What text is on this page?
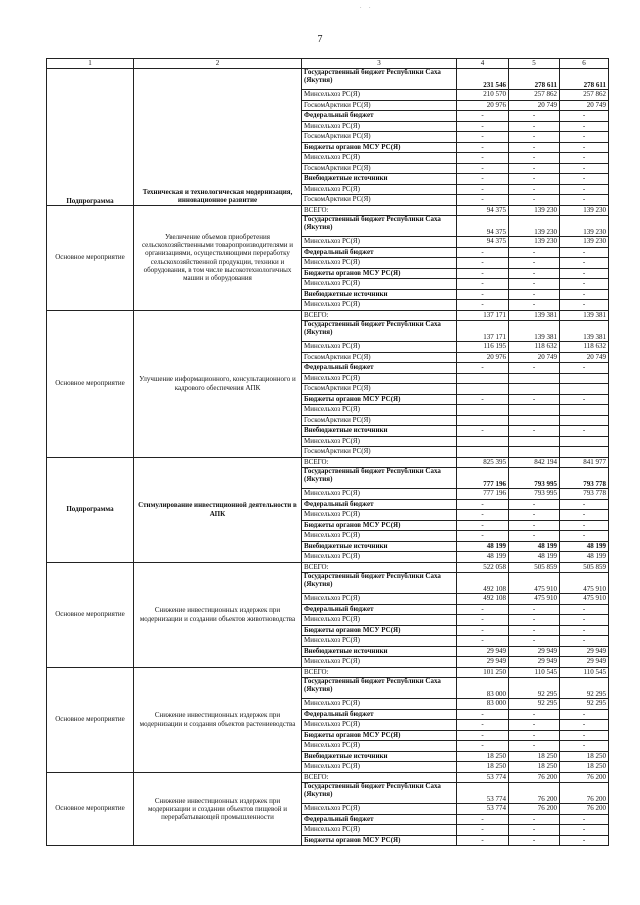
. .
7
1	2	3	4	5	6
Подпрограмма	Техническая и технологическая модернизация, инновационное развитие	Государственный бюджет Республики Саха (Якутия)	231 546	278 611	278 611
		Минсельхоз РС(Я)	210 570	257 862	257 862
		ГоскомАрктики РС(Я)	20 976	20 749	20 749
		Федеральный бюджет	-	-	-
		Минсельхоз РС(Я)	-	-	-
		ГоскомАрктики РС(Я)	-	-	-
		Бюджеты органов МСУ РС(Я)	-	-	-
		Минсельхоз РС(Я)	-	-	-
		ГоскомАрктики РС(Я)	-	-	-
		Внебюджетные источники	-	-	-
		Минсельхоз РС(Я)	-	-	-
		ГоскомАрктики РС(Я)	-	-	-
Основное мероприятие	Увеличение объемов приобретения сельскохозяйственными товаропроизводителями и организациями, осуществляющими переработку сельскохозяйственной продукции, техники и оборудования, в том числе высокотехнологичных машин и оборудования	ВСЕГО:	94 375	139 230	139 230
		Государственный бюджет Республики Саха (Якутия)	94 375	139 230	139 230
		Минсельхоз РС(Я)	94 375	139 230	139 230
		Федеральный бюджет	-	-	-
		Минсельхоз РС(Я)	-	-	-
		Бюджеты органов МСУ РС(Я)	-	-	-
		Минсельхоз РС(Я)	-	-	-
		Внебюджетные источники	-	-	-
		Минсельхоз РС(Я)	-	-	-
Основное мероприятие	Улучшение информационного, консультационного и кадрового обеспечения АПК	ВСЕГО:	137 171	139 381	139 381
		Государственный бюджет Республики Саха (Якутия)	137 171	139 381	139 381
		Минсельхоз РС(Я)	116 195	118 632	118 632
		ГоскомАрктики РС(Я)	20 976	20 749	20 749
		Федеральный бюджет	-	-	-
		Минсельхоз РС(Я)			
		ГоскомАрктики РС(Я)			
		Бюджеты органов МСУ РС(Я)	-	-	-
		Минсельхоз РС(Я)			
		ГоскомАрктики РС(Я)			
		Внебюджетные источники	-	-	-
		Минсельхоз РС(Я)			
		ГоскомАрктики РС(Я)			
Подпрограмма	Стимулирование инвестиционной деятельности в АПК	ВСЕГО:	825 395	842 194	841 977
		Государственный бюджет Республики Саха (Якутия)	777 196	793 995	793 778
		Минсельхоз РС(Я)	777 196	793 995	793 778
		Федеральный бюджет	-	-	-
		Минсельхоз РС(Я)	-	-	-
		Бюджеты органов МСУ РС(Я)	-	-	-
		Минсельхоз РС(Я)	-	-	-
		Внебюджетные источники	48 199	48 199	48 199
		Минсельхоз РС(Я)	48 199	48 199	48 199
Основное мероприятие	Снижение инвестиционных издержек при модернизации и создании объектов животноводства	ВСЕГО:	522 058	505 859	505 859
		Государственный бюджет Республики Саха (Якутия)	492 108	475 910	475 910
		Минсельхоз РС(Я)	492 108	475 910	475 910
		Федеральный бюджет	-	-	-
		Минсельхоз РС(Я)	-	-	-
		Бюджеты органов МСУ РС(Я)	-	-	-
		Минсельхоз РС(Я)	-	-	-
		Внебюджетные источники	29 949	29 949	29 949
		Минсельхоз РС(Я)	29 949	29 949	29 949
Основное мероприятие	Снижение инвестиционных издержек при модернизации и создания объектов растениеводства	ВСЕГО:	101 250	110 545	110 545
		Государственный бюджет Республики Саха (Якутия)	83 000	92 295	92 295
		Минсельхоз РС(Я)	83 000	92 295	92 295
		Федеральный бюджет	-	-	-
		Минсельхоз РС(Я)	-	-	-
		Бюджеты органов МСУ РС(Я)	-	-	-
		Минсельхоз РС(Я)	-	-	-
		Внебюджетные источники	18 250	18 250	18 250
		Минсельхоз РС(Я)	18 250	18 250	18 250
Основное мероприятие	Снижение инвестиционных издержек при модернизации и создании объектов пищевой и перерабатывающей промышленности	ВСЕГО:	53 774	76 200	76 200
		Государственный бюджет Республики Саха (Якутия)	53 774	76 200	76 200
		Минсельхоз РС(Я)	53 774	76 200	76 200
		Федеральный бюджет	-	-	-
		Минсельхоз РС(Я)	-	-	-
		Бюджеты органов МСУ РС(Я)	-	-	-
